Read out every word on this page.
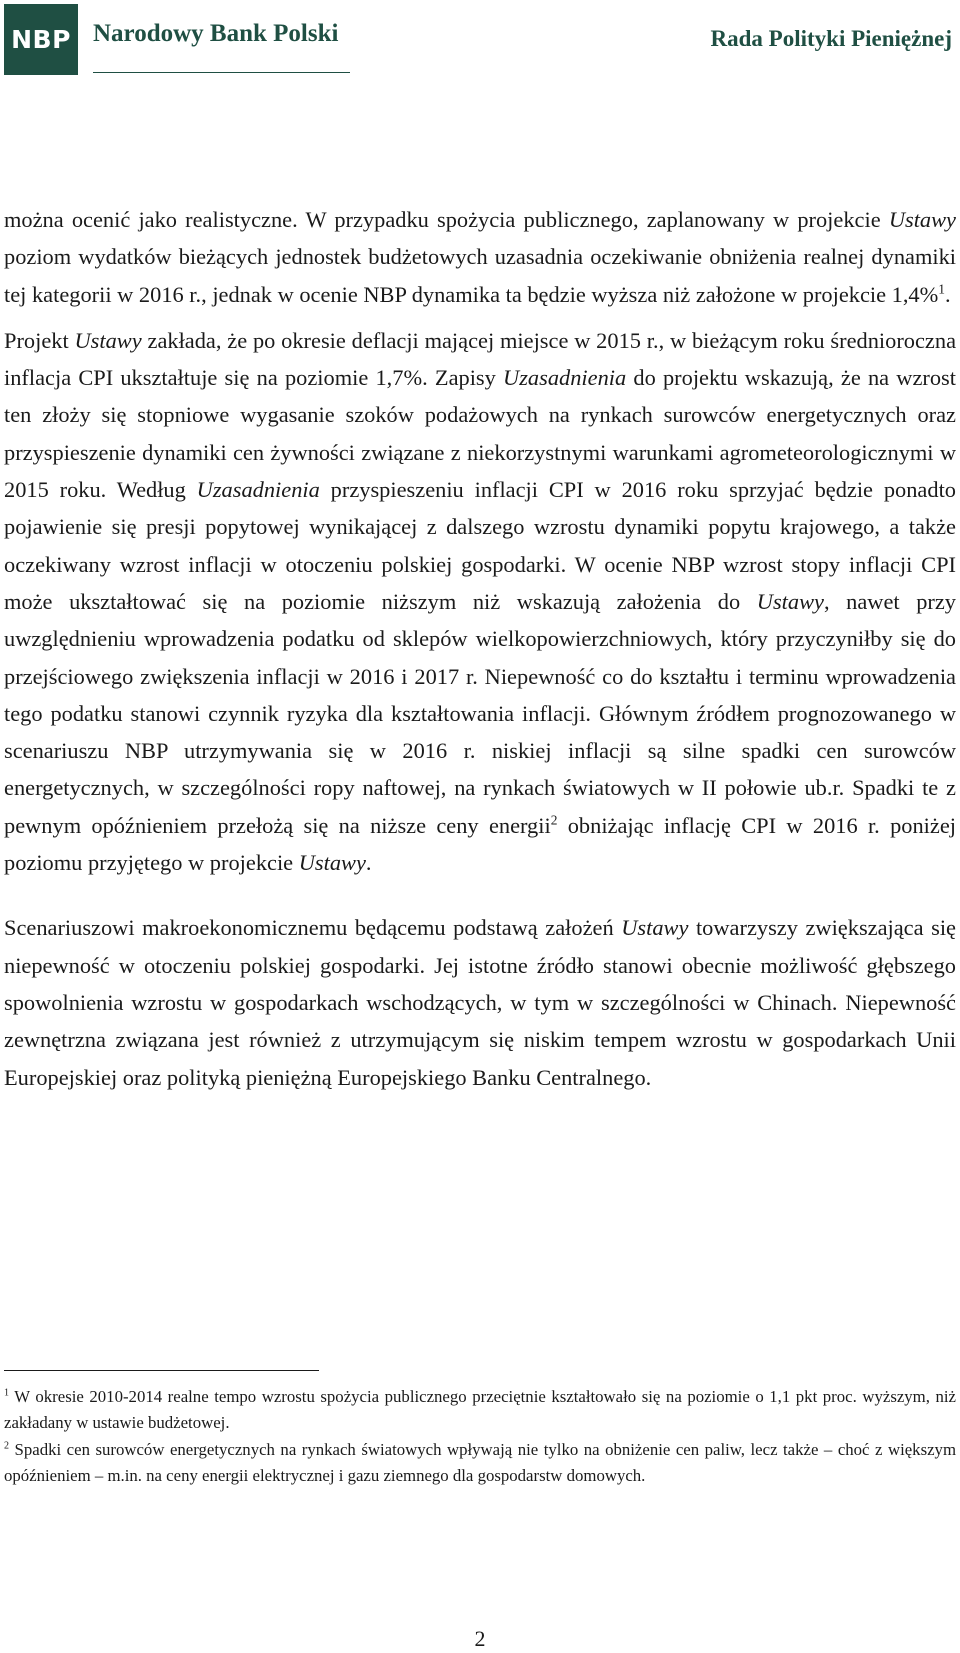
NBP Narodowy Bank Polski	Rada Polityki Pieniężnej

można ocenić jako realistyczne. W przypadku spożycia publicznego, zaplanowany w projekcie Ustawy poziom wydatków bieżących jednostek budżetowych uzasadnia oczekiwanie obniżenia realnej dynamiki tej kategorii w 2016 r., jednak w ocenie NBP dynamika ta będzie wyższa niż założone w projekcie 1,4%$^1$.

Projekt Ustawy zakłada, że po okresie deflacji mającej miejsce w 2015 r., w bieżącym roku średnioroczna inflacja CPI ukształtuje się na poziomie 1,7%. Zapisy Uzasadnienia do projektu wskazują, że na wzrost ten złoży się stopniowe wygasanie szoków podażowych na rynkach surowców energetycznych oraz przyspieszenie dynamiki cen żywności związane z niekorzystnymi warunkami agrometeorologicznymi w 2015 roku. Według Uzasadnienia przyspieszeniu inflacji CPI w 2016 roku sprzyjać będzie ponadto pojawienie się presji popytowej wynikającej z dalszego wzrostu dynamiki popytu krajowego, a także oczekiwany wzrost inflacji w otoczeniu polskiej gospodarki. W ocenie NBP wzrost stopy inflacji CPI może ukształtować się na poziomie niższym niż wskazują założenia do Ustawy, nawet przy uwzględnieniu wprowadzenia podatku od sklepów wielkopowierzchniowych, który przyczyniłby się do przejściowego zwiększenia inflacji w 2016 i 2017 r. Niepewność co do kształtu i terminu wprowadzenia tego podatku stanowi czynnik ryzyka dla kształtowania inflacji. Głównym źródłem prognozowanego w scenariuszu NBP utrzymywania się w 2016 r. niskiej inflacji są silne spadki cen surowców energetycznych, w szczególności ropy naftowej, na rynkach światowych w II połowie ub.r. Spadki te z pewnym opóźnieniem przełożą się na niższe ceny energii$^2$ obniżając inflację CPI w 2016 r. poniżej poziomu przyjętego w projekcie Ustawy.

Scenariuszowi makroekonomicznemu będącemu podstawą założeń Ustawy towarzyszy zwiększająca się niepewność w otoczeniu polskiej gospodarki. Jej istotne źródło stanowi obecnie możliwość głębszego spowolnienia wzrostu w gospodarkach wschodzących, w tym w szczególności w Chinach. Niepewność zewnętrzna związana jest również z utrzymującym się niskim tempem wzrostu w gospodarkach Unii Europejskiej oraz polityką pieniężną Europejskiego Banku Centralnego.

$^1$ W okresie 2010-2014 realne tempo wzrostu spożycia publicznego przeciętnie kształtowało się na poziomie o 1,1 pkt proc. wyższym, niż zakładany w ustawie budżetowej.

$^2$ Spadki cen surowców energetycznych na rynkach światowych wpływają nie tylko na obniżenie cen paliw, lecz także – choć z większym opóźnieniem – m.in. na ceny energii elektrycznej i gazu ziemnego dla gospodarstw domowych.

2
